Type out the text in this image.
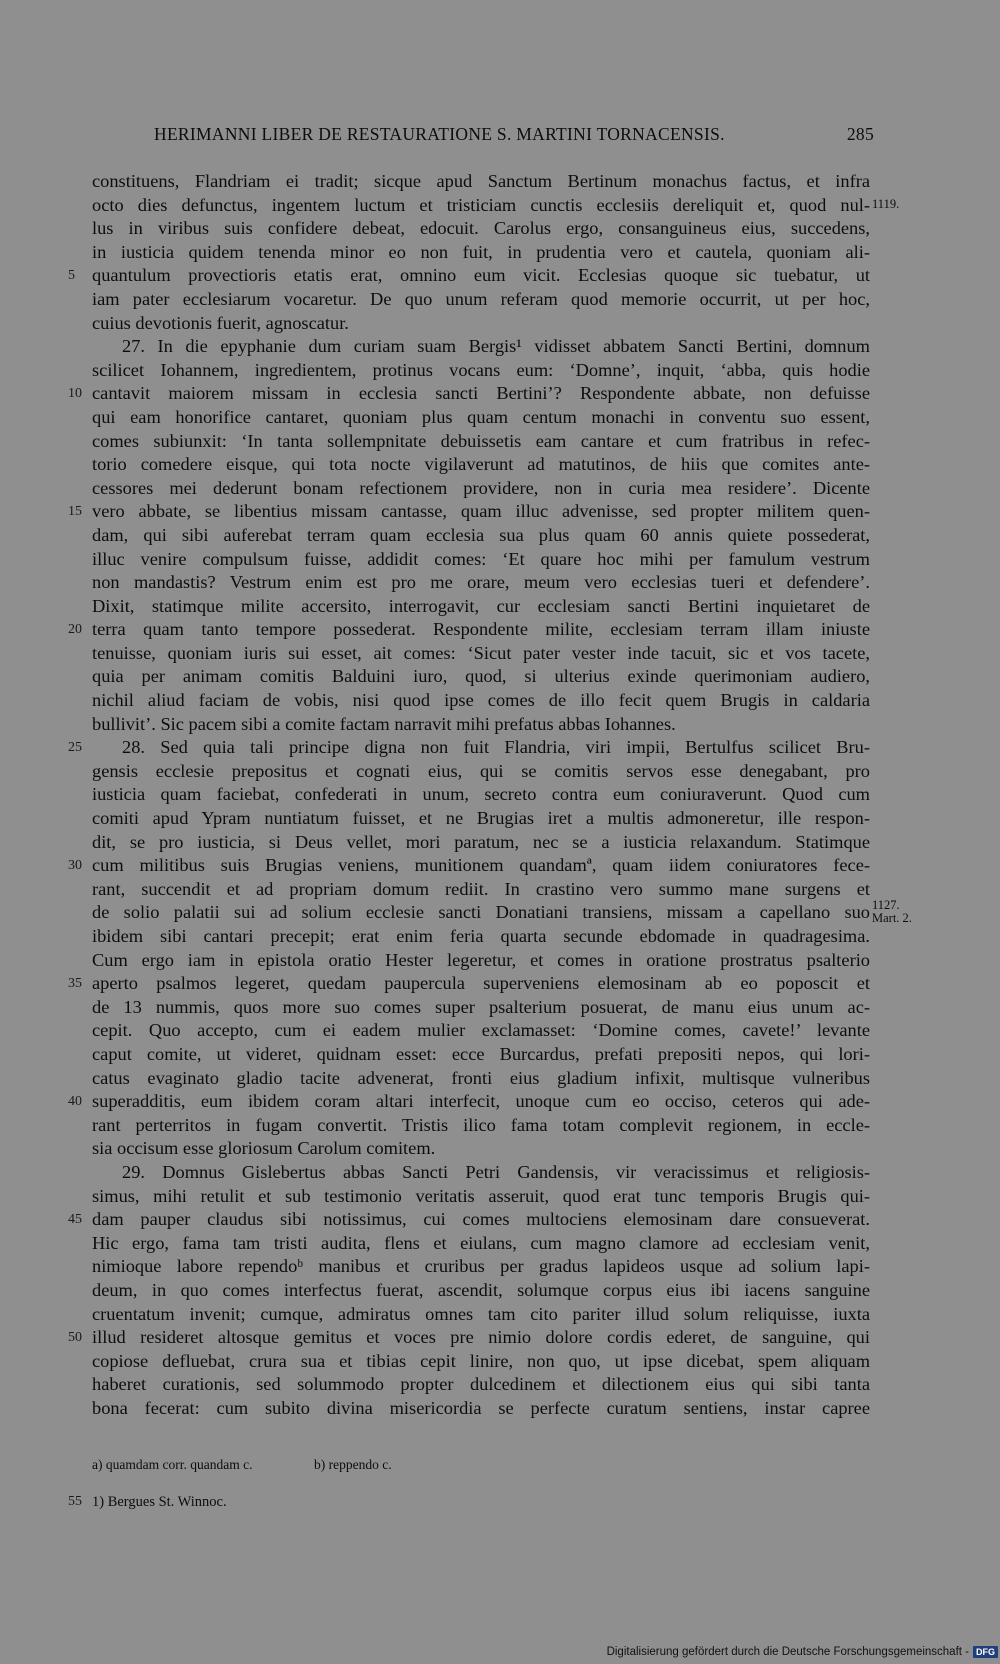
HERIMANNI LIBER DE RESTAURATIONE S. MARTINI TORNACENSIS.	285
constituens, Flandriam ei tradit; sicque apud Sanctum Bertinum monachus factus, et infra
octo dies defunctus, ingentem luctum et tristiciam cunctis ecclesiis dereliquit et, quod nul- 1119.
lus in viribus suis confidere debeat, edocuit. Carolus ergo, consanguineus eius, succedens,
in iusticia quidem tenenda minor eo non fuit, in prudentia vero et cautela, quoniam ali-
quantulum provectioris etatis erat, omnino eum vicit. Ecclesias quoque sic tuebatur, ut
5
iam pater ecclesiarum vocaretur. De quo unum referam quod memorie occurrit, ut per hoc,
cuius devotionis fuerit, agnoscatur.
27. In die epyphanie dum curiam suam Bergis¹ vidisset abbatem Sancti Bertini, domnum
scilicet Iohannem, ingredientem, protinus vocans eum: ‘Domne’, inquit, ‘abba, quis hodie
cantavit maiorem missam in ecclesia sancti Bertini’? Respondente abbate, non defuisse
10
qui eam honorifice cantaret, quoniam plus quam centum monachi in conventu suo essent,
comes subiunxit: ‘In tanta sollempnitate debuissetis eam cantare et cum fratribus in refec-
torio comedere eisque, qui tota nocte vigilaverunt ad matutinos, de hiis que comites ante-
cessores mei dederunt bonam refectionem providere, non in curia mea residere’. Dicente
vero abbate, se libentius missam cantasse, quam illuc advenisse, sed propter militem quen-
15
dam, qui sibi auferebat terram quam ecclesia sua plus quam 60 annis quiete possederat,
illuc venire compulsum fuisse, addidit comes: ‘Et quare hoc mihi per famulum vestrum
non mandastis? Vestrum enim est pro me orare, meum vero ecclesias tueri et defendere’.
Dixit, statimque milite accersito, interrogavit, cur ecclesiam sancti Bertini inquietaret de
terra quam tanto tempore possederat. Respondente milite, ecclesiam terram illam iniuste
20
tenuisse, quoniam iuris sui esset, ait comes: ‘Sicut pater vester inde tacuit, sic et vos tacete,
quia per animam comitis Balduini iuro, quod, si ulterius exinde querimoniam audiero,
nichil aliud faciam de vobis, nisi quod ipse comes de illo fecit quem Brugis in caldaria
bullivit’. Sic pacem sibi a comite factam narravit mihi prefatus abbas Iohannes.
28. Sed quia tali principe digna non fuit Flandria, viri impii, Bertulfus scilicet Bru-
25
gensis ecclesie prepositus et cognati eius, qui se comitis servos esse denegabant, pro
iusticia quam faciebat, confederati in unum, secreto contra eum coniuraverunt. Quod cum
comiti apud Ypram nuntiatum fuisset, et ne Brugias iret a multis admoneretur, ille respon-
dit, se pro iusticia, si Deus vellet, mori paratum, nec se a iusticia relaxandum. Statimque
cum militibus suis Brugias veniens, munitionem quandamª, quam iidem coniuratores fece-
30
rant, succendit et ad propriam domum rediit. In crastino vero summo mane surgens et
de solio palatii sui ad solium ecclesie sancti Donatiani transiens, missam a capellano suo 1127.
Mart. 2.
ibidem sibi cantari precepit; erat enim feria quarta secunde ebdomade in quadragesima.
Cum ergo iam in epistola oratio Hester legeretur, et comes in oratione prostratus psalterio
aperto psalmos legeret, quedam paupercula superveniens elemosinam ab eo poposcit et
35
de 13 nummis, quos more suo comes super psalterium posuerat, de manu eius unum ac-
cepit. Quo accepto, cum ei eadem mulier exclamasset: ‘Domine comes, cavete!’ levante
caput comite, ut videret, quidnam esset: ecce Burcardus, prefati prepositi nepos, qui lori-
catus evaginato gladio tacite advenerat, fronti eius gladium infixit, multisque vulneribus
superadditis, eum ibidem coram altari interfecit, unoque cum eo occiso, ceteros qui ade-
40
rant perterritos in fugam convertit. Tristis ilico fama totam complevit regionem, in eccle-
sia occisum esse gloriosum Carolum comitem.
29. Domnus Gislebertus abbas Sancti Petri Gandensis, vir veracissimus et religiosis-
simus, mihi retulit et sub testimonio veritatis asseruit, quod erat tunc temporis Brugis qui-
dam pauper claudus sibi notissimus, cui comes multociens elemosinam dare consueverat.
45
Hic ergo, fama tam tristi audita, flens et eiulans, cum magno clamore ad ecclesiam venit,
nimioque labore rependoᵇ manibus et cruribus per gradus lapideos usque ad solium lapi-
deum, in quo comes interfectus fuerat, ascendit, solumque corpus eius ibi iacens sanguine
cruentatum invenit; cumque, admiratus omnes tam cito pariter illud solum reliquisse, iuxta
illud resideret altosque gemitus et voces pre nimio dolore cordis ederet, de sanguine, qui
50
copiose defluebat, crura sua et tibias cepit linire, non quo, ut ipse dicebat, spem aliquam
haberet curationis, sed solummodo propter dulcedinem et dilectionem eius qui sibi tanta
bona fecerat: cum subito divina misericordia se perfecte curatum sentiens, instar capree
a) quamdam corr. quandam c.	b) reppendo c.
55 1) Bergues St. Winnoc.
Digitalisierung gefördert durch die Deutsche Forschungsgemeinschaft - DFG
